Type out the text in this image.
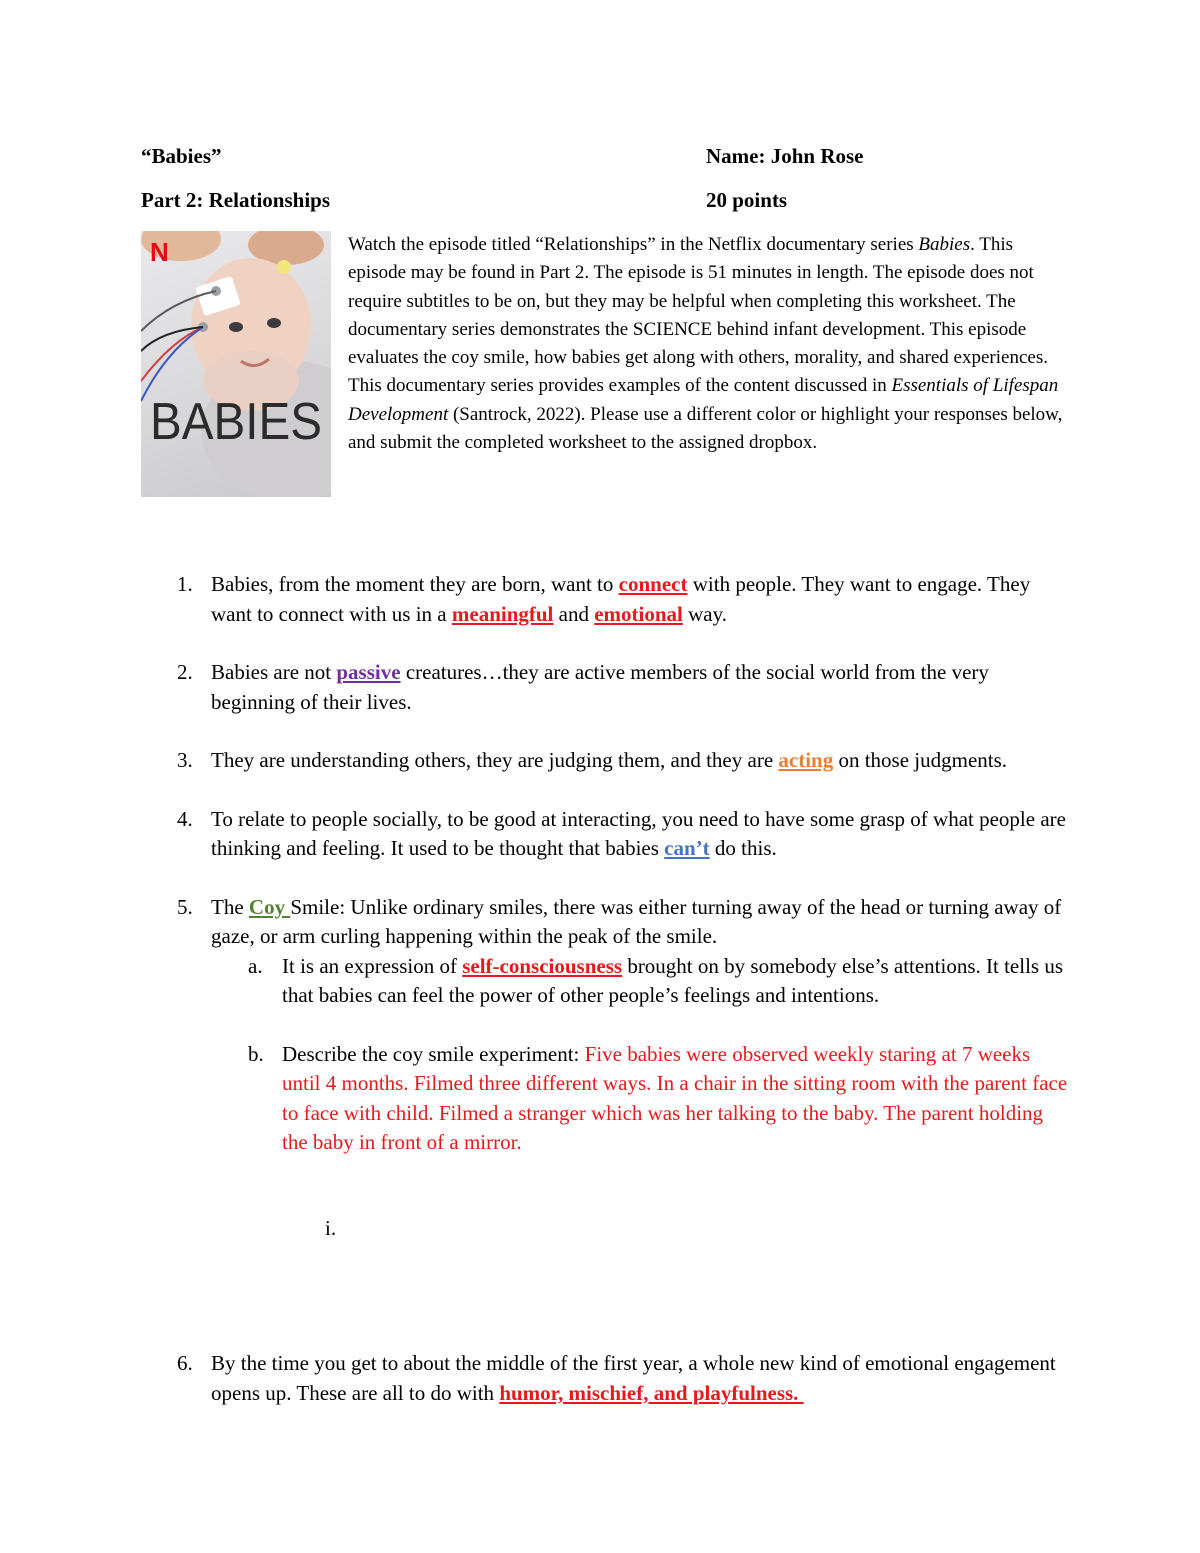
“Babies”	Name: John Rose
Part 2: Relationships	20 points
N
BABIES

Watch the episode titled “Relationships” in the Netflix documentary series Babies. This episode may be found in Part 2. The episode is 51 minutes in length. The episode does not require subtitles to be on, but they may be helpful when completing this worksheet. The documentary series demonstrates the SCIENCE behind infant development. This episode evaluates the coy smile, how babies get along with others, morality, and shared experiences. This documentary series provides examples of the content discussed in Essentials of Lifespan Development (Santrock, 2022). Please use a different color or highlight your responses below, and submit the completed worksheet to the assigned dropbox.

1. Babies, from the moment they are born, want to connect with people. They want to engage. They want to connect with us in a meaningful and emotional way.
2. Babies are not passive creatures…they are active members of the social world from the very beginning of their lives.
3. They are understanding others, they are judging them, and they are acting on those judgments.
4. To relate to people socially, to be good at interacting, you need to have some grasp of what people are thinking and feeling. It used to be thought that babies can’t do this.
5. The Coy Smile: Unlike ordinary smiles, there was either turning away of the head or turning away of gaze, or arm curling happening within the peak of the smile.
a. It is an expression of self-consciousness brought on by somebody else’s attentions. It tells us that babies can feel the power of other people’s feelings and intentions.
b. Describe the coy smile experiment: Five babies were observed weekly staring at 7 weeks until 4 months. Filmed three different ways. In a chair in the sitting room with the parent face to face with child. Filmed a stranger which was her talking to the baby. The parent holding the baby in front of a mirror.
i.
6. By the time you get to about the middle of the first year, a whole new kind of emotional engagement opens up. These are all to do with humor, mischief, and playfulness.
